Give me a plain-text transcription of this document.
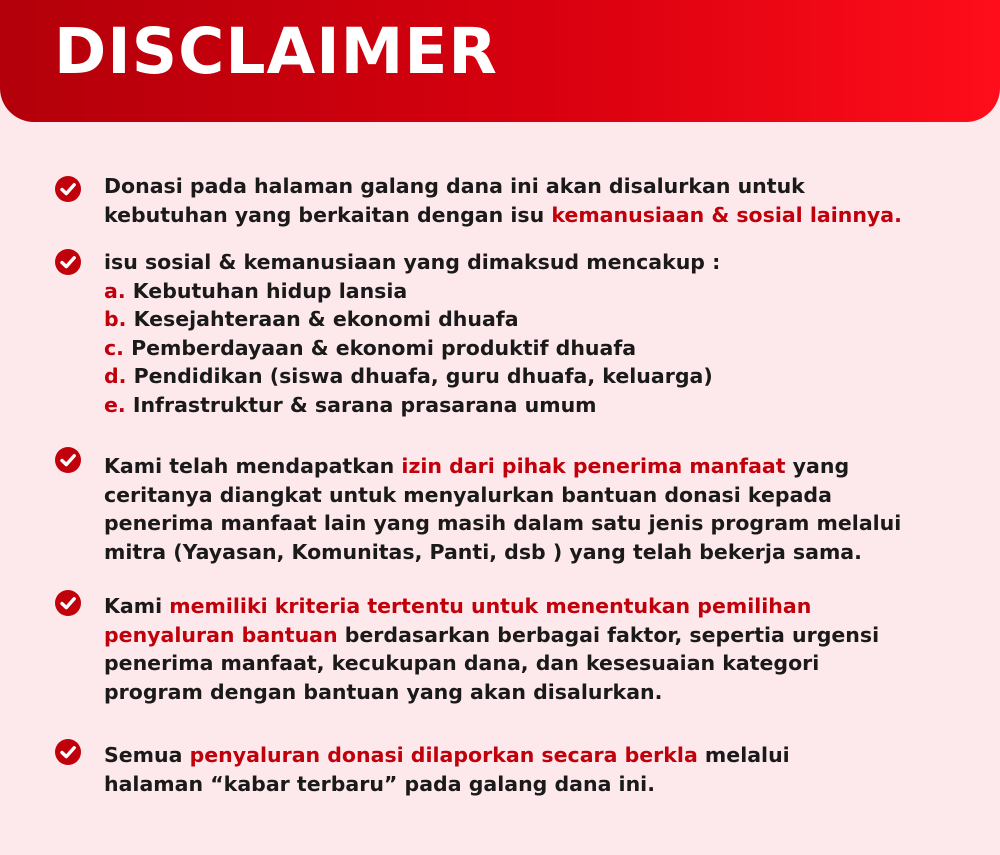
DISCLAIMER
Donasi pada halaman galang dana ini akan disalurkan untuk
kebutuhan yang berkaitan dengan isu kemanusiaan & sosial lainnya.
isu sosial & kemanusiaan yang dimaksud mencakup :
a. Kebutuhan hidup lansia
b. Kesejahteraan & ekonomi dhuafa
c. Pemberdayaan & ekonomi produktif dhuafa
d. Pendidikan (siswa dhuafa, guru dhuafa, keluarga)
e. Infrastruktur & sarana prasarana umum
Kami telah mendapatkan izin dari pihak penerima manfaat yang
ceritanya diangkat untuk menyalurkan bantuan donasi kepada
penerima manfaat lain yang masih dalam satu jenis program melalui
mitra (Yayasan, Komunitas, Panti, dsb ) yang telah bekerja sama.
Kami memiliki kriteria tertentu untuk menentukan pemilihan
penyaluran bantuan berdasarkan berbagai faktor, sepertia urgensi
penerima manfaat, kecukupan dana, dan kesesuaian kategori
program dengan bantuan yang akan disalurkan.
Semua penyaluran donasi dilaporkan secara berkla melalui
halaman “kabar terbaru” pada galang dana ini.
